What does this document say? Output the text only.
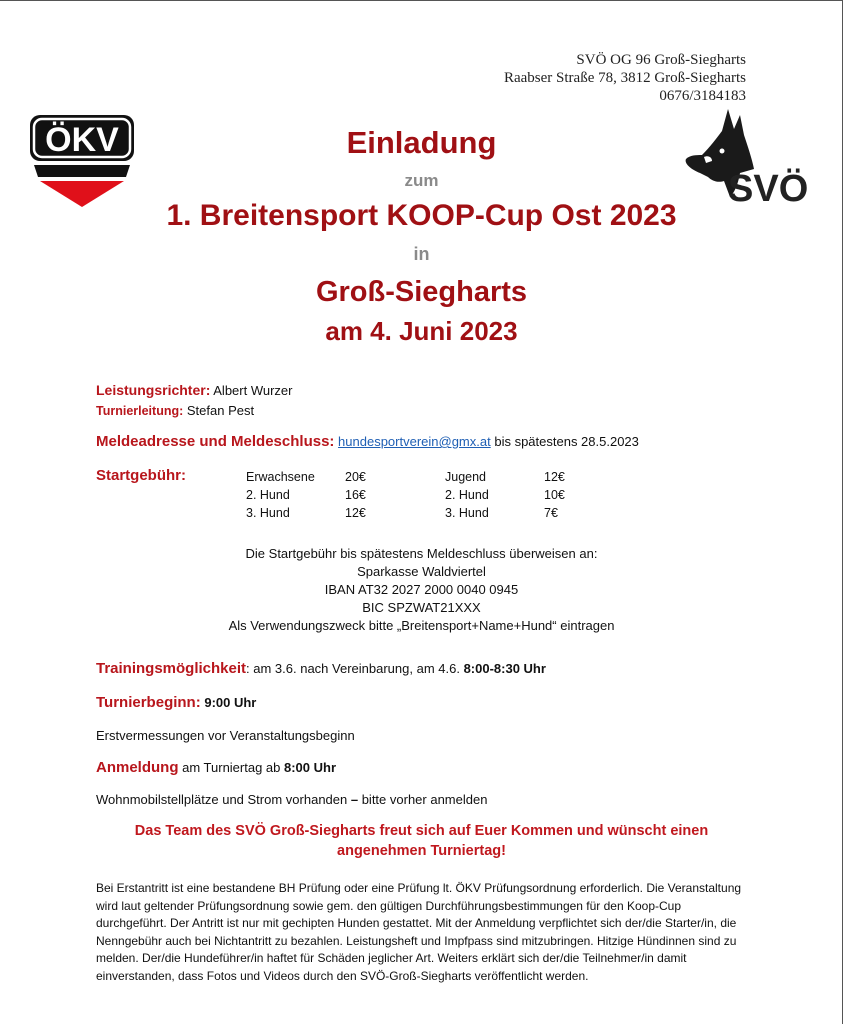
SVÖ OG 96 Groß-Siegharts
Raabser Straße 78, 3812 Groß-Siegharts
0676/3184183
ÖKV
SVÖ
Einladung
zum
1. Breitensport KOOP-Cup Ost 2023
in
Groß-Siegharts
am 4. Juni 2023
Leistungsrichter: Albert Wurzer
Turnierleitung: Stefan Pest
Meldeadresse und Meldeschluss: hundesportverein@gmx.at bis spätestens 28.5.2023
Startgebühr:	Erwachsene
2. Hund
3. Hund
20€
16€
12€
Jugend
2. Hund
3. Hund
12€
10€
7€
Die Startgebühr bis spätestens Meldeschluss überweisen an:
Sparkasse Waldviertel
IBAN AT32 2027 2000 0040 0945
BIC SPZWAT21XXX
Als Verwendungszweck bitte „Breitensport+Name+Hund“ eintragen
Trainingsmöglichkeit: am 3.6. nach Vereinbarung, am 4.6. 8:00-8:30 Uhr
Turnierbeginn: 9:00 Uhr
Erstvermessungen vor Veranstaltungsbeginn
Anmeldung am Turniertag ab 8:00 Uhr
Wohnmobilstellplätze und Strom vorhanden – bitte vorher anmelden
Das Team des SVÖ Groß-Siegharts freut sich auf Euer Kommen und wünscht einen
angenehmen Turniertag!
Bei Erstantritt ist eine bestandene BH Prüfung oder eine Prüfung lt. ÖKV Prüfungsordnung erforderlich. Die Veranstaltung wird laut geltender Prüfungsordnung sowie gem. den gültigen Durchführungsbestimmungen für den Koop-Cup durchgeführt. Der Antritt ist nur mit gechipten Hunden gestattet. Mit der Anmeldung verpflichtet sich der/die Starter/in, die Nenngebühr auch bei Nichtantritt zu bezahlen. Leistungsheft und Impfpass sind mitzubringen. Hitzige Hündinnen sind zu melden. Der/die Hundeführer/in haftet für Schäden jeglicher Art. Weiters erklärt sich der/die Teilnehmer/in damit einverstanden, dass Fotos und Videos durch den SVÖ-Groß-Siegharts veröffentlicht werden.
